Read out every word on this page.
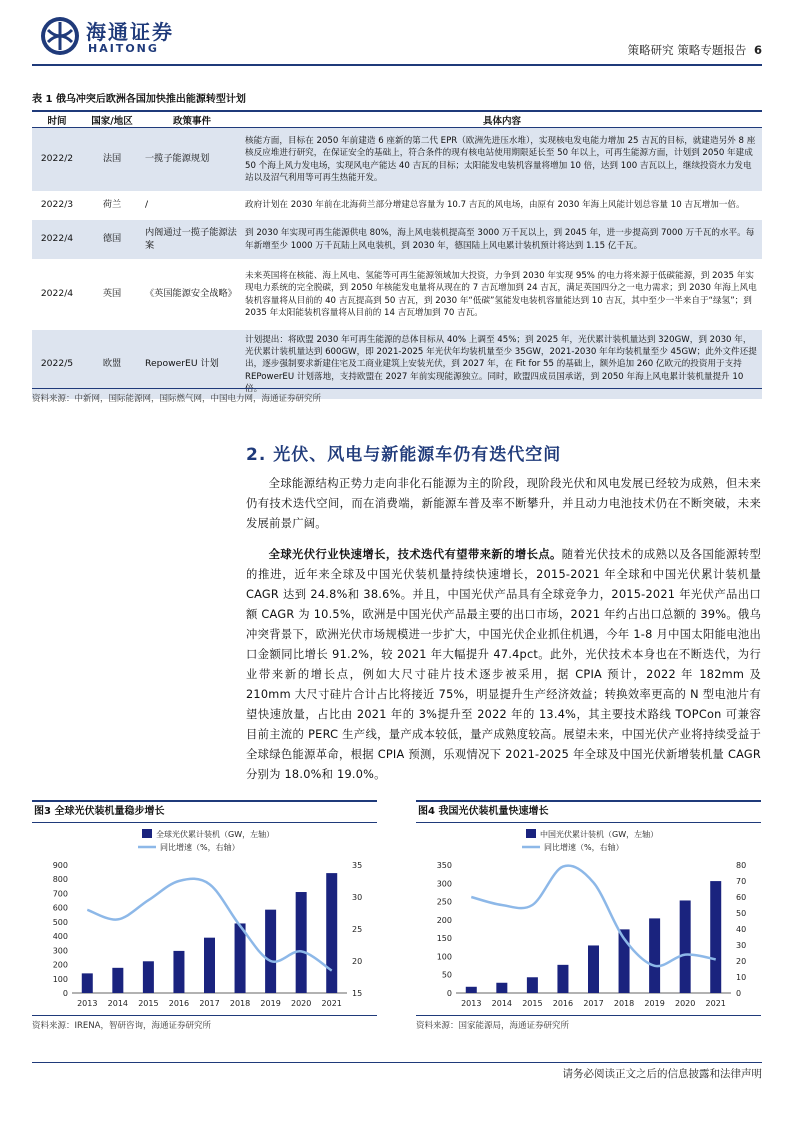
海通证券
HAITONG	策略研究 策略专题报告 6
表 1 俄乌冲突后欧洲各国加快推出能源转型计划
时间	国家/地区	政策事件	具体内容
2022/2	法国	一揽子能源规划	核能方面，目标在 2050 年前建造 6 座新的第二代 EPR（欧洲先进压水堆），实现核电发电能力增加 25 吉瓦的目标，就建造另外 8 座核反应堆进行研究，在保证安全的基础上，符合条件的现有核电站使用期限延长至 50 年以上，可再生能源方面，计划到 2050 年建成 50 个海上风力发电场，实现风电产能达 40 吉瓦的目标；太阳能发电装机容量将增加 10 倍，达到 100 吉瓦以上，继续投资水力发电站以及沼气利用等可再生热能开发。
2022/3	荷兰	/	政府计划在 2030 年前在北海荷兰部分增建总容量为 10.7 吉瓦的风电场，由原有 2030 年海上风能计划总容量 10 吉瓦增加一倍。
2022/4	德国	内阁通过一揽子能源法案	到 2030 年实现可再生能源供电 80%，海上风电装机提高至 3000 万千瓦以上，到 2045 年，进一步提高到 7000 万千瓦的水平。每年新增至少 1000 万千瓦陆上风电装机，到 2030 年，德国陆上风电累计装机预计将达到 1.15 亿千瓦。
2022/4	英国	《英国能源安全战略》	未来英国将在核能、海上风电、氢能等可再生能源领域加大投资，力争到 2030 年实现 95% 的电力将来源于低碳能源，到 2035 年实现电力系统的完全脱碳，到 2050 年核能发电量将从现在的 7 吉瓦增加到 24 吉瓦，满足英国四分之一电力需求；到 2030 年海上风电装机容量将从目前的 40 吉瓦提高到 50 吉瓦，到 2030 年“低碳”氢能发电装机容量能达到 10 吉瓦，其中至少一半来自于“绿氢”；到 2035 年太阳能装机容量将从目前的 14 吉瓦增加到 70 吉瓦。
2022/5	欧盟	RepowerEU 计划	计划提出：将欧盟 2030 年可再生能源的总体目标从 40% 上调至 45%；到 2025 年，光伏累计装机量达到 320GW，到 2030 年，光伏累计装机量达到 600GW，即 2021-2025 年光伏年均装机量至少 35GW，2021-2030 年年均装机量至少 45GW；此外文件还提出，逐步强制要求新建住宅及工商业建筑上安装光伏，到 2027 年，在 Fit for 55 的基础上，额外追加 260 亿欧元的投资用于支持 REPowerEU 计划落地，支持欧盟在 2027 年前实现能源独立。同时，欧盟四成员国承诺，到 2050 年海上风电累计装机量提升 10 倍。
资料来源：中新网，国际能源网，国际燃气网，中国电力网，海通证券研究所
2. 光伏、风电与新能源车仍有迭代空间
全球能源结构正势力走向非化石能源为主的阶段，现阶段光伏和风电发展已经较为成熟，但未来仍有技术迭代空间，而在消费端，新能源车普及率不断攀升，并且动力电池技术仍在不断突破，未来发展前景广阔。
全球光伏行业快速增长，技术迭代有望带来新的增长点。随着光伏技术的成熟以及各国能源转型的推进，近年来全球及中国光伏装机量持续快速增长，2015-2021 年全球和中国光伏累计装机量 CAGR 达到 24.8%和 38.6%。并且，中国光伏产品具有全球竞争力，2015-2021 年光伏产品出口额 CAGR 为 10.5%，欧洲是中国光伏产品最主要的出口市场，2021 年约占出口总额的 39%。俄乌冲突背景下，欧洲光伏市场规模进一步扩大，中国光伏企业抓住机遇，今年 1-8 月中国太阳能电池出口金额同比增长 91.2%，较 2021 年大幅提升 47.4pct。此外，光伏技术本身也在不断迭代，为行业带来新的增长点，例如大尺寸硅片技术逐步被采用，据 CPIA 预计，2022 年 182mm 及 210mm 大尺寸硅片合计占比将接近 75%，明显提升生产经济效益；转换效率更高的 N 型电池片有望快速放量，占比由 2021 年的 3%提升至 2022 年的 13.4%，其主要技术路线 TOPCon 可兼容目前主流的 PERC 生产线，量产成本较低，量产成熟度较高。展望未来，中国光伏产业将持续受益于全球绿色能源革命，根据 CPIA 预测，乐观情况下 2021-2025 年全球及中国光伏新增装机量 CAGR 分别为 18.0%和 19.0%。
图3 全球光伏装机量稳步增长
全球光伏累计装机（GW，左轴）
同比增速（%，右轴）
0
100
200
300
400
500
600
700
800
900
15
20
25
30
35
2013 2014 2015 2016 2017 2018 2019 2020 2021
资料来源：IRENA，智研咨询，海通证券研究所
图4 我国光伏装机量快速增长
中国光伏累计装机（GW，左轴）
同比增速（%，右轴）
0
50
100
150
200
250
300
350
0
10
20
30
40
50
60
70
80
2013 2014 2015 2016 2017 2018 2019 2020 2021
资料来源：国家能源局，海通证券研究所
请务必阅读正文之后的信息披露和法律声明
